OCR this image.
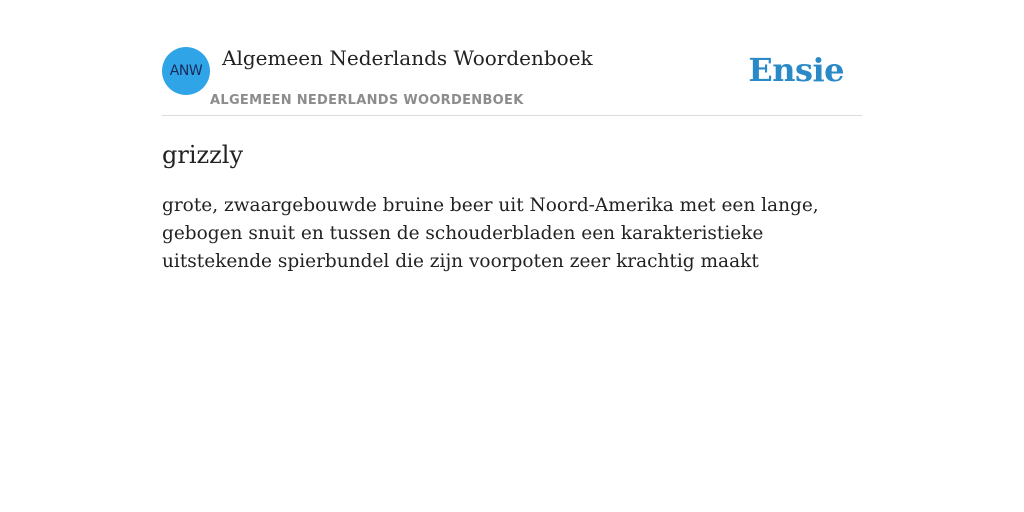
ANW
Algemeen Nederlands Woordenboek
ALGEMEEN NEDERLANDS WOORDENBOEK
Ensie
grizzly
grote, zwaargebouwde bruine beer uit Noord-Amerika met een lange, gebogen snuit en tussen de schouderbladen een karakteristieke uitstekende spierbundel die zijn voorpoten zeer krachtig maakt
